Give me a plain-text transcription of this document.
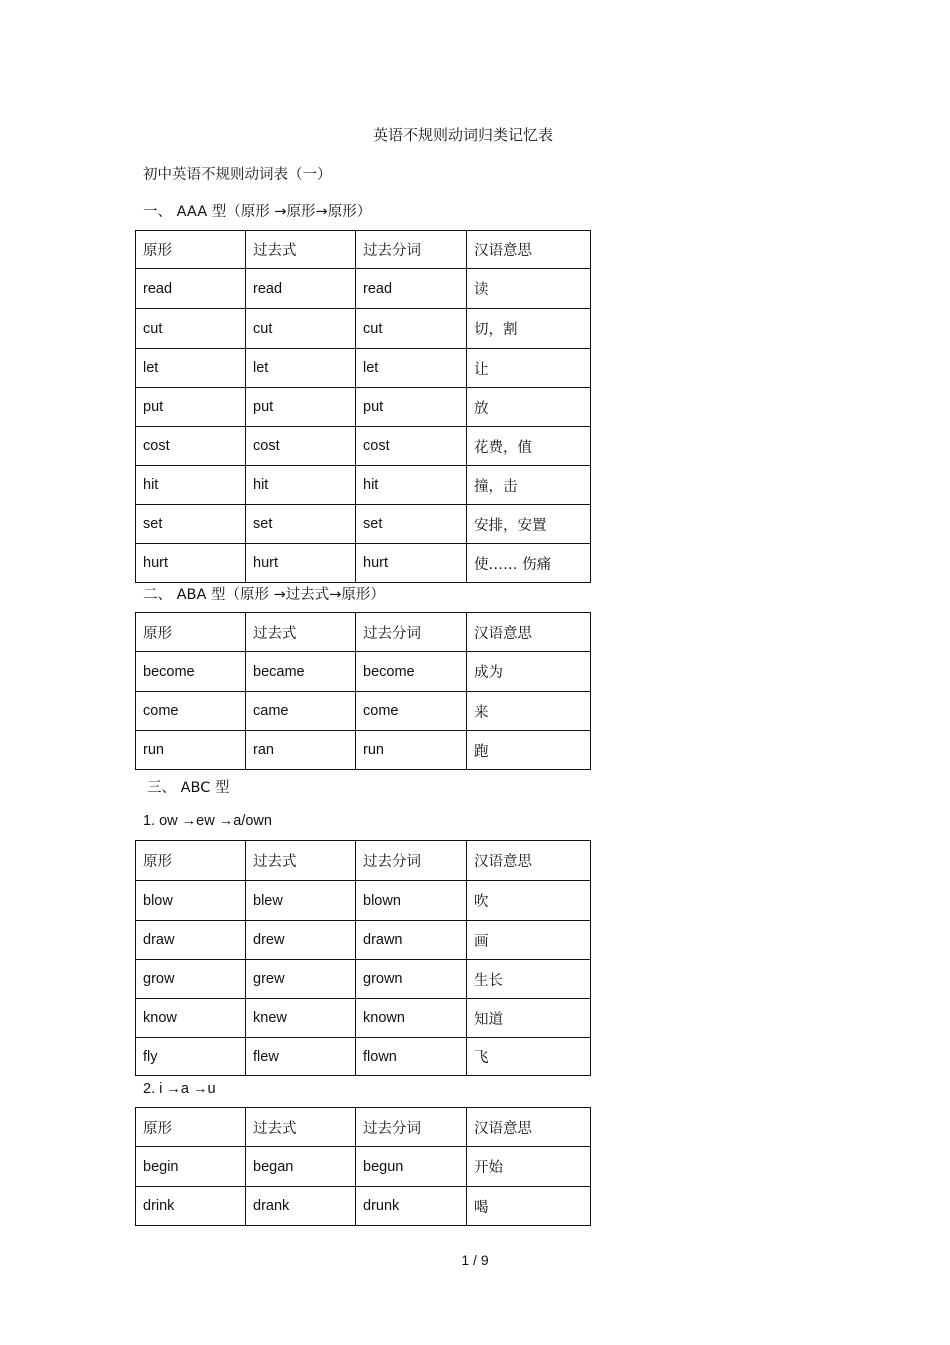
英语不规则动词归类记忆表
初中英语不规则动词表（一）
一、 AAA 型（原形 →原形→原形）
原形	过去式	过去分词	汉语意思
read	read	read	读
cut	cut	cut	切，割
let	let	let	让
put	put	put	放
cost	cost	cost	花费，值
hit	hit	hit	撞，击
set	set	set	安排，安置
hurt	hurt	hurt	使…… 伤痛
二、 ABA 型（原形 →过去式→原形）
原形	过去式	过去分词	汉语意思
become	became	become	成为
come	came	come	来
run	ran	run	跑
三、 ABC 型
1. ow →ew →a/own
原形	过去式	过去分词	汉语意思
blow	blew	blown	吹
draw	drew	drawn	画
grow	grew	grown	生长
know	knew	known	知道
fly	flew	flown	飞
2. i →a →u
原形	过去式	过去分词	汉语意思
begin	began	begun	开始
drink	drank	drunk	喝
1 / 9
